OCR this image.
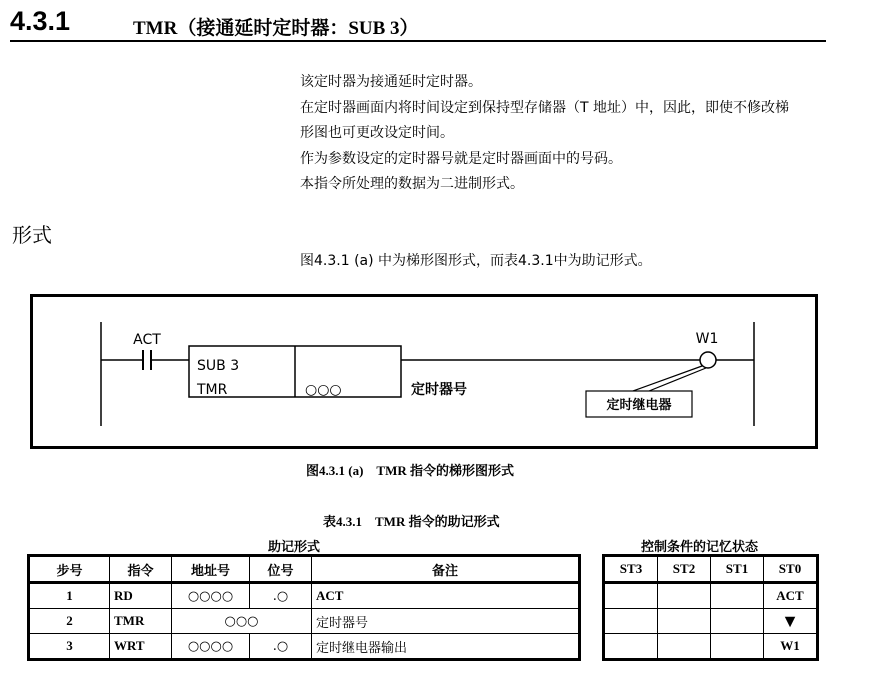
4.3.1	TMR（接通延时定时器：SUB 3）
该定时器为接通延时定时器。
在定时器画面内将时间设定到保持型存储器（T 地址）中，因此，即使不修改梯
形图也可更改设定时间。
作为参数设定的定时器号就是定时器画面中的号码。
本指令所处理的数据为二进制形式。
形式
图4.3.1 (a) 中为梯形图形式，而表4.3.1中为助记形式。
ACT
SUB 3
TMR	○○○	定时器号
W1
定时继电器
图4.3.1 (a)　TMR 指令的梯形图形式
表4.3.1　TMR 指令的助记形式
助记形式	控制条件的记忆状态
步号	指令	地址号	位号	备注
1	RD	○○○○	.○	ACT
2	TMR	○○○		定时器号
3	WRT	○○○○	.○	定时继电器输出
ST3	ST2	ST1	ST0
			ACT
			▼
			W1
